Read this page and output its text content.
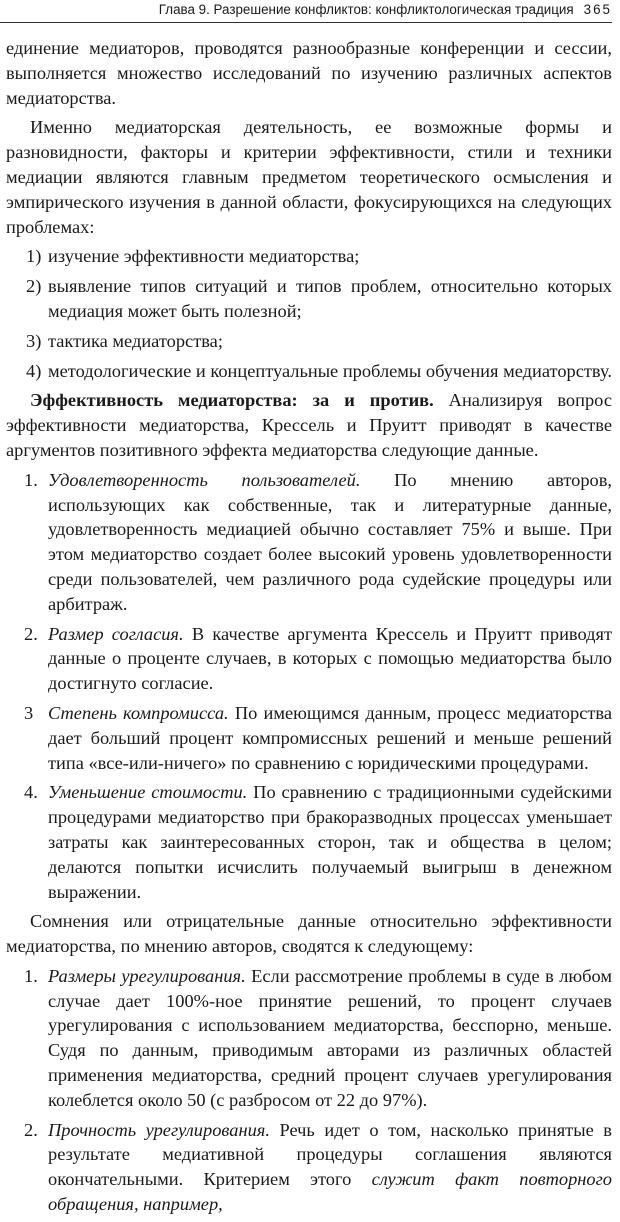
Глава 9. Разрешение конфликтов: конфликтологическая традиция 365

единение медиаторов, проводятся разнообразные конференции и сессии, выполняется множество исследований по изучению различных аспектов медиаторства.

Именно медиаторская деятельность, ее возможные формы и разновидности, факторы и критерии эффективности, стили и техники медиации являются главным предметом теоретического осмысления и эмпирического изучения в данной области, фокусирующихся на следующих проблемах:

1) изучение эффективности медиаторства;
2) выявление типов ситуаций и типов проблем, относительно которых медиация может быть полезной;
3) тактика медиаторства;
4) методологические и концептуальные проблемы обучения медиаторству.

Эффективность медиаторства: за и против. Анализируя вопрос эффективности медиаторства, Крессель и Пруитт приводят в качестве аргументов позитивного эффекта медиаторства следующие данные.

1. Удовлетворенность пользователей. По мнению авторов, использующих как собственные, так и литературные данные, удовлетворенность медиацией обычно составляет 75% и выше. При этом медиаторство создает более высокий уровень удовлетворенности среди пользователей, чем различного рода судейские процедуры или арбитраж.
2. Размер согласия. В качестве аргумента Крессель и Пруитт приводят данные о проценте случаев, в которых с помощью медиаторства было достигнуто согласие.
3 Степень компромисса. По имеющимся данным, процесс медиаторства дает больший процент компромиссных решений и меньше решений типа «все-или-ничего» по сравнению с юридическими процедурами.
4. Уменьшение стоимости. По сравнению с традиционными судейскими процедурами медиаторство при бракоразводных процессах уменьшает затраты как заинтересованных сторон, так и общества в целом; делаются попытки исчислить получаемый выигрыш в денежном выражении.

Сомнения или отрицательные данные относительно эффективности медиаторства, по мнению авторов, сводятся к следующему:

1. Размеры урегулирования. Если рассмотрение проблемы в суде в любом случае дает 100%-ное принятие решений, то процент случаев урегулирования с использованием медиаторства, бесспорно, меньше. Судя по данным, приводимым авторами из различных областей применения медиаторства, средний процент случаев урегулирования колеблется около 50 (с разбросом от 22 до 97%).
2. Прочность урегулирования. Речь идет о том, насколько принятые в результате медиативной процедуры соглашения являются окончательными. Критерием этого служит факт повторного обращения, например,
